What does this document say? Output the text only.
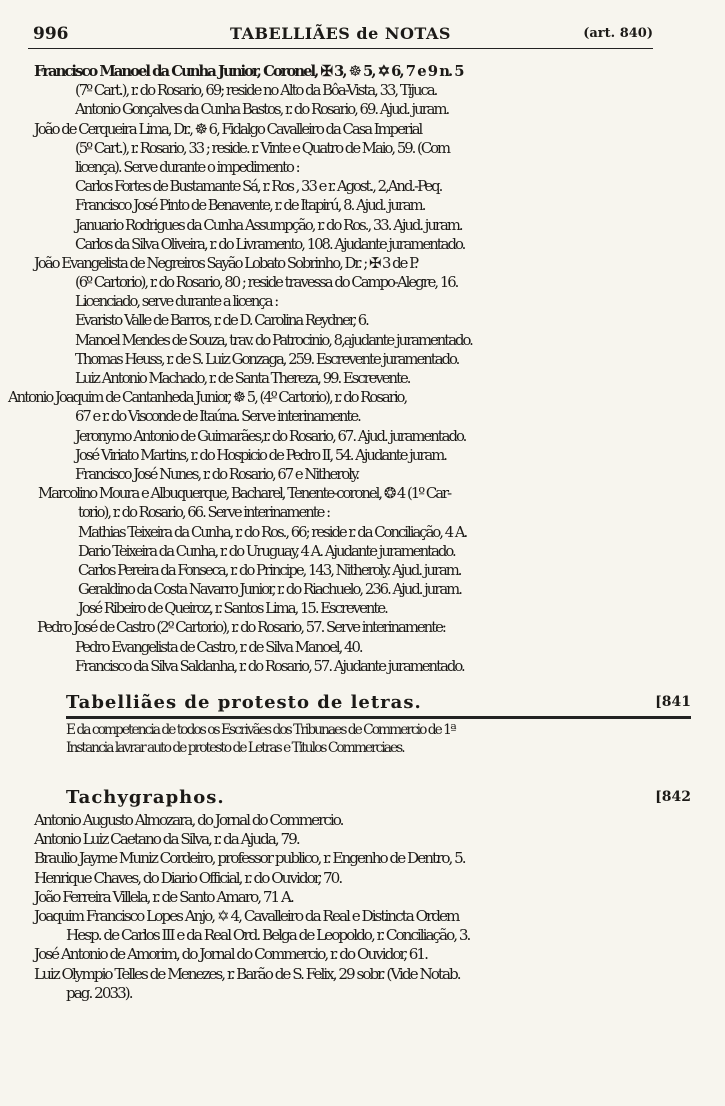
996	TABELLIÃES de NOTAS	(art. 840)
Francisco Manoel da Cunha Junior, Coronel, ✠ 3, ☸ 5, ✡ 6, 7 e 9 n. 5
(7º Cart.), r. do Rosario, 69; reside no Alto da Bôa-Vista, 33, Tijuca.
Antonio Gonçalves da Cunha Bastos, r. do Rosario, 69. Ajud. juram.
João de Cerqueira Lima, Dr., ☸ 6, Fidalgo Cavalleiro da Casa Imperial
(5º Cart.), r. Rosario, 33 ; reside. r. Vinte e Quatro de Maio, 59. (Com
licença). Serve durante o impedimento :
Carlos Fortes de Bustamante Sá, r. Ros , 33 e r. Agost., 2,And.-Peq.
Francisco José Pinto de Benavente, r. de Itapirú, 8. Ajud. juram.
Januario Rodrigues da Cunha Assumpção, r. do Ros., 33. Ajud. juram.
Carlos da Silva Oliveira, r. do Livramento, 108. Ajudante juramentado.
João Evangelista de Negreiros Sayão Lobato Sobrinho, Dr. ; ✠ 3 de P.
(6º Cartorio), r. do Rosario, 80 ; reside travessa do Campo-Alegre, 16.
Licenciado, serve durante a licença :
Evaristo Valle de Barros, r. de D. Carolina Reydner, 6.
Manoel Mendes de Souza, trav. do Patrocinio, 8,ajudante juramentado.
Thomas Heuss, r. de S. Luiz Gonzaga, 259. Escrevente juramentado.
Luiz Antonio Machado, r. de Santa Thereza, 99. Escrevente.
Antonio Joaquim de Cantanheda Junior, ☸ 5, (4º Cartorio), r. do Rosario,
67 e r. do Visconde de Itaúna. Serve interinamente.
Jeronymo Antonio de Guimarães,r. do Rosario, 67. Ajud. juramentado.
José Viriato Martins, r. do Hospicio de Pedro II, 54. Ajudante juram.
Francisco José Nunes, r. do Rosario, 67 e Nitheroly.
Marcolino Moura e Albuquerque, Bacharel, Tenente-coronel, ❂ 4 (1º Car-
torio), r. do Rosario, 66. Serve interinamente :
Mathias Teixeira da Cunha, r. do Ros., 66; reside r. da Conciliação, 4 A.
Dario Teixeira da Cunha, r. do Uruguay, 4 A. Ajudante juramentado.
Carlos Pereira da Fonseca, r. do Principe, 143, Nitheroly. Ajud. juram.
Geraldino da Costa Navarro Junior, r. do Riachuelo, 236. Ajud. juram.
José Ribeiro de Queiroz, r. Santos Lima, 15. Escrevente.
Pedro José de Castro (2º Cartorio), r. do Rosario, 57. Serve interinamente:
Pedro Evangelista de Castro, r. de Silva Manoel, 40.
Francisco da Silva Saldanha, r. do Rosario, 57. Ajudante juramentado.
Tabelliães de protesto de letras.	[841
E da competencia de todos os Escrivães dos Tribunaes de Commercio de 1ª
Instancia lavrar auto de protesto de Letras e Titulos Commerciaes.
Tachygraphos.	[842
Antonio Augusto Almozara, do Jornal do Commercio.
Antonio Luiz Caetano da Silva, r. da Ajuda, 79.
Braulio Jayme Muniz Cordeiro, professor publico, r. Engenho de Dentro, 5.
Henrique Chaves, do Diario Official, r. do Ouvidor, 70.
João Ferreira Villela, r. de Santo Amaro, 71 A.
Joaquim Francisco Lopes Anjo, ✡ 4, Cavalleiro da Real e Distincta Ordem
Hesp. de Carlos III e da Real Ord. Belga de Leopoldo, r. Conciliação, 3.
José Antonio de Amorim, do Jornal do Commercio, r. do Ouvidor, 61.
Luiz Olympio Telles de Menezes, r. Barão de S. Felix, 29 sobr. (Vide Notab.
pag. 2033).
